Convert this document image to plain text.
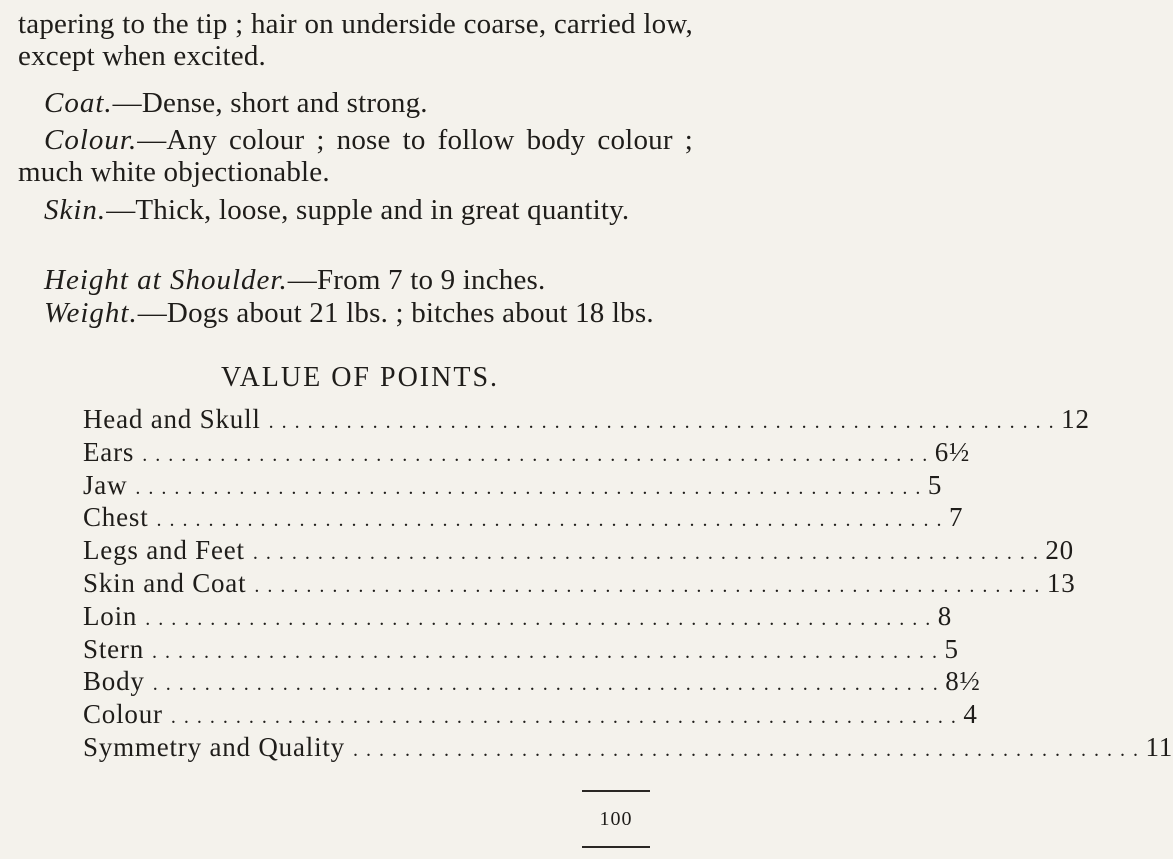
tapering to the tip ; hair on underside coarse, carried low, except when excited.
Coat.—Dense, short and strong.
Colour.—Any colour ; nose to follow body colour ; much white objectionable.
Skin.—Thick, loose, supple and in great quantity.
Height at Shoulder.—From 7 to 9 inches.
Weight.—Dogs about 21 lbs. ; bitches about 18 lbs.
VALUE OF POINTS.
Head and Skull . . . . . . . . . . . . . . . . . . . . . . . . . . . . . . . . . . . . . . . . . . . . . . . . . . . . . . . . . . . . . 12
Ears . . . . . . . . . . . . . . . . . . . . . . . . . . . . . . . . . . . . . . . . . . . . . . . . . . . . . . . . . . . . . 6½
Jaw . . . . . . . . . . . . . . . . . . . . . . . . . . . . . . . . . . . . . . . . . . . . . . . . . . . . . . . . . . . . . 5
Chest . . . . . . . . . . . . . . . . . . . . . . . . . . . . . . . . . . . . . . . . . . . . . . . . . . . . . . . . . . . . . 7
Legs and Feet . . . . . . . . . . . . . . . . . . . . . . . . . . . . . . . . . . . . . . . . . . . . . . . . . . . . . . . . . . . . . 20
Skin and Coat . . . . . . . . . . . . . . . . . . . . . . . . . . . . . . . . . . . . . . . . . . . . . . . . . . . . . . . . . . . . . 13
Loin . . . . . . . . . . . . . . . . . . . . . . . . . . . . . . . . . . . . . . . . . . . . . . . . . . . . . . . . . . . . . 8
Stern . . . . . . . . . . . . . . . . . . . . . . . . . . . . . . . . . . . . . . . . . . . . . . . . . . . . . . . . . . . . . 5
Body . . . . . . . . . . . . . . . . . . . . . . . . . . . . . . . . . . . . . . . . . . . . . . . . . . . . . . . . . . . . . 8½
Colour . . . . . . . . . . . . . . . . . . . . . . . . . . . . . . . . . . . . . . . . . . . . . . . . . . . . . . . . . . . . . 4
Symmetry and Quality . . . . . . . . . . . . . . . . . . . . . . . . . . . . . . . . . . . . . . . . . . . . . . . . . . . . . . . . . . . . . 11
100
